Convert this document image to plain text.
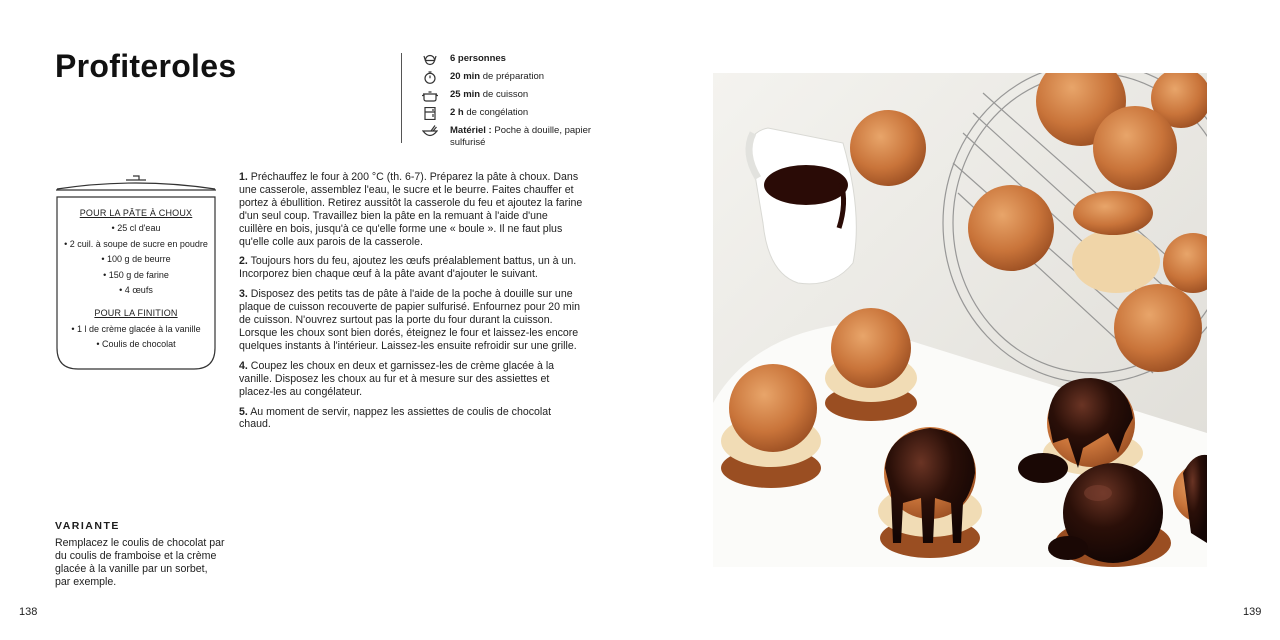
Profiteroles	6 personnes
20 min de préparation
25 min de cuisson
2 h de congélation
Matériel : Poche à douille, papier sulfurisé
POUR LA PÂTE À CHOUX
• 25 cl d'eau
• 2 cuil. à soupe de sucre en poudre
• 100 g de beurre
• 150 g de farine
• 4 œufs
POUR LA FINITION
• 1 l de crème glacée à la vanille
• Coulis de chocolat

1. Préchauffez le four à 200 °C (th. 6-7). Préparez la pâte à choux. Dans une casserole, assemblez l'eau, le sucre et le beurre. Faites chauffer et portez à ébullition. Retirez aussitôt la casserole du feu et ajoutez la farine d'un seul coup. Travaillez bien la pâte en la remuant à l'aide d'une cuillère en bois, jusqu'à ce qu'elle forme une « boule ». Il ne faut plus qu'elle colle aux parois de la casserole.

2. Toujours hors du feu, ajoutez les œufs préalablement battus, un à un. Incorporez bien chaque œuf à la pâte avant d'ajouter le suivant.

3. Disposez des petits tas de pâte à l'aide de la poche à douille sur une plaque de cuisson recouverte de papier sulfurisé. Enfournez pour 20 min de cuisson. N'ouvrez surtout pas la porte du four durant la cuisson. Lorsque les choux sont bien dorés, éteignez le four et laissez-les encore quelques instants à l'intérieur. Laissez-les ensuite refroidir sur une grille.

4. Coupez les choux en deux et garnissez-les de crème glacée à la vanille. Disposez les choux au fur et à mesure sur des assiettes et placez-les au congélateur.

5. Au moment de servir, nappez les assiettes de coulis de chocolat chaud.

VARIANTE

Remplacez le coulis de chocolat par du coulis de framboise et la crème glacée à la vanille par un sorbet, par exemple.

138	139
